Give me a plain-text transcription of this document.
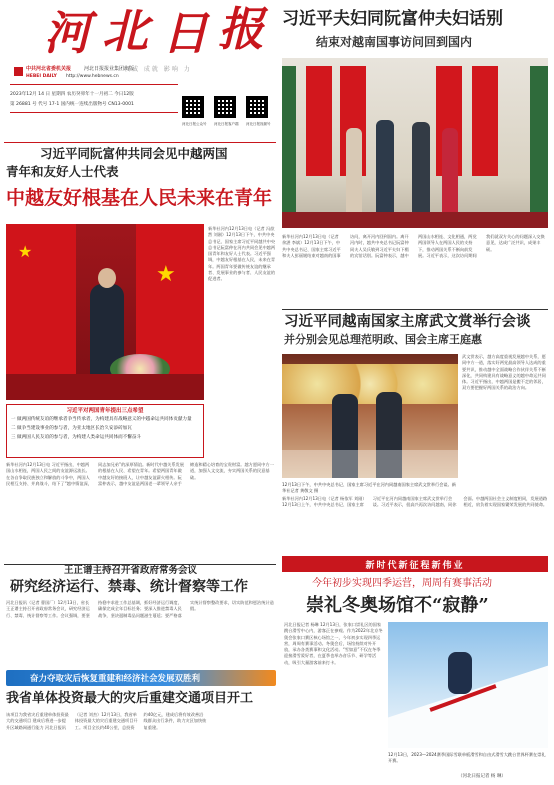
河 北 日 报
权威 成就 影响 力
中共河北省委机关报	河北日报报业集团出版
HEBEI DAILY http://www.hebnews.cn
河北日报公众号 河北日报客户端 河北日报视频号
2023年12月 14 日 星期四 农历癸卯年十一月初二 今日12版
第 26881 号 代号 17-1 国内统一连续出版物号 CN13-0001
习近平夫妇同阮富仲夫妇话别
结束对越南国事访问回到国内
新华社河内12月13日电（记者 余湛 李斌）12月13日下午，中共中央总书记、国家主席习近平和夫人彭丽媛结束对越南的国事访问，离开河内回到国内。离开河内时，越共中央总书记阮富仲同夫人吴氏敏到习近平夫妇下榻的宾馆话别。阮富仲表示，越中两国山水相连、文化相通，两党两国领导人在两国人民的支持下，推动两国关系不断向前发展。习近平表示，这次访问期间我们就双方关心的问题深入交换意见，达成广泛共识，成果丰硕。
习近平同越南国家主席武文赏举行会谈
并分别会见总理范明政、国会主席王庭惠
12月13日下午，中共中央总书记、国家主席习近平在河内同越南国家主席武文赏举行会谈。新华社记者 黄敬文 摄
武文赏表示，越方高度重视发展越中关系，愿同中方一道，落实好两党最高领导人达成的重要共识，推动越中全面战略合作伙伴关系不断深化，共同构建具有战略意义的越中命运共同体。习近平指出，中越两国是搬不走的邻居，双方要把握好两国关系的政治方向。
新华社河内12月13日电（记者 杨依军 刘刚）12月13日上午，中共中央总书记、国家主席习近平在河内同越南国家主席武文赏举行会谈。习近平表示，很高兴再次访问越南，同你会面。中越两国社会主义制度相同，发展道路相近，肩负着实现国家繁荣发展的共同使命。
习近平同阮富仲共同会见中越两国
青年和友好人士代表
中越友好根基在人民未来在青年
★
★
新华社河内12月13日电（记者 冯歆然 刘刚）12月13日下午，中共中央总书记、国家主席习近平同越共中央总书记阮富仲在河内共同会见中越两国青年和友好人士代表。习近平强调，中越友好根基在人民，未来在青年。两国青年要做传统友谊的继承者、发展事业的参与者、人民友谊的促进者。
习近平对两国青年提出三点希望
一 做两国传统友谊的继承者争当传承者，为构建具有战略意义的中越命运共同体贡献力量
二 做争当建设事业的参与者，为亚太地区长治久安添砖加瓦
三 做两国人民友谊的参与者，为构建人类命运共同体而不懈奋斗
新华社河内12月13日电 习近平指出，中越两国山水相连，两国人民之间的友谊源远流长。在各自争取民族独立和解放的斗争中，两国人民相互支持、并肩战斗，结下了“越中情谊深，同志加兄弟”的深厚情谊。新时代中越关系发展的根基在人民、希望在青年。希望两国青年做中越友好的接班人，让中越友谊薪火相传。阮富仲表示，越中友谊是两国老一辈领导人亲手缔造和精心培育的宝贵财富。越方愿同中方一道，加强人文交流，夯实两国关系的民意基础。
王正谱主持召开省政府常务会议
研究经济运行、禁毒、统计督察等工作
河北日报讯（记者 曹国厂）12月13日，省长王正谱主持召开省政府常务会议，研究经济运行、禁毒、统计督察等工作。会议强调，要坚持稳中求进工作总基调，抓好经济运行调度，确保完成全年目标任务；要深入推进禁毒人民战争，坚决遏制毒品问题滋生蔓延；要严格落实统计督察整改要求，切实防范和惩治统计造假。
奋力夺取灾后恢复重建和经济社会发展双胜利
我省单体投资最大的灾后重建交通项目开工
该项目为我省灾后重建单体投资最大的交通项目 建成后将进一步提升区域路网通行能力 河北日报讯（记者 刘杰）12月13日，我省单体投资最大的灾后重建交通项目开工。项目全长约40公里，总投资约40亿元，建成后将有效改善沿线群众出行条件，助力灾区加快恢复重建。
新时代新征程新伟业
今年初步实现四季运营，周周有赛事活动
崇礼冬奥场馆不“寂静”
河北日报记者 杨琳 12月13日，张家口崇礼区的国家跳台滑雪中心内，游客正在参观。作为2022年北京冬奥会张家口赛区核心场馆之一，今年初步实现四季运营，周周有赛事活动。冬奥会后，场馆持续对外开放，承办各类赛事和文化活动。“雪如意”不仅在冬季迎接滑雪爱好者，在夏季也举办音乐节、研学等活动，吸引大量游客前来打卡。
12月13日，2023—2024赛季国际雪联单板滑雪和自由式滑雪大跳台世界杯赛在崇礼开赛。
（河北日报记者 杨 琳）
